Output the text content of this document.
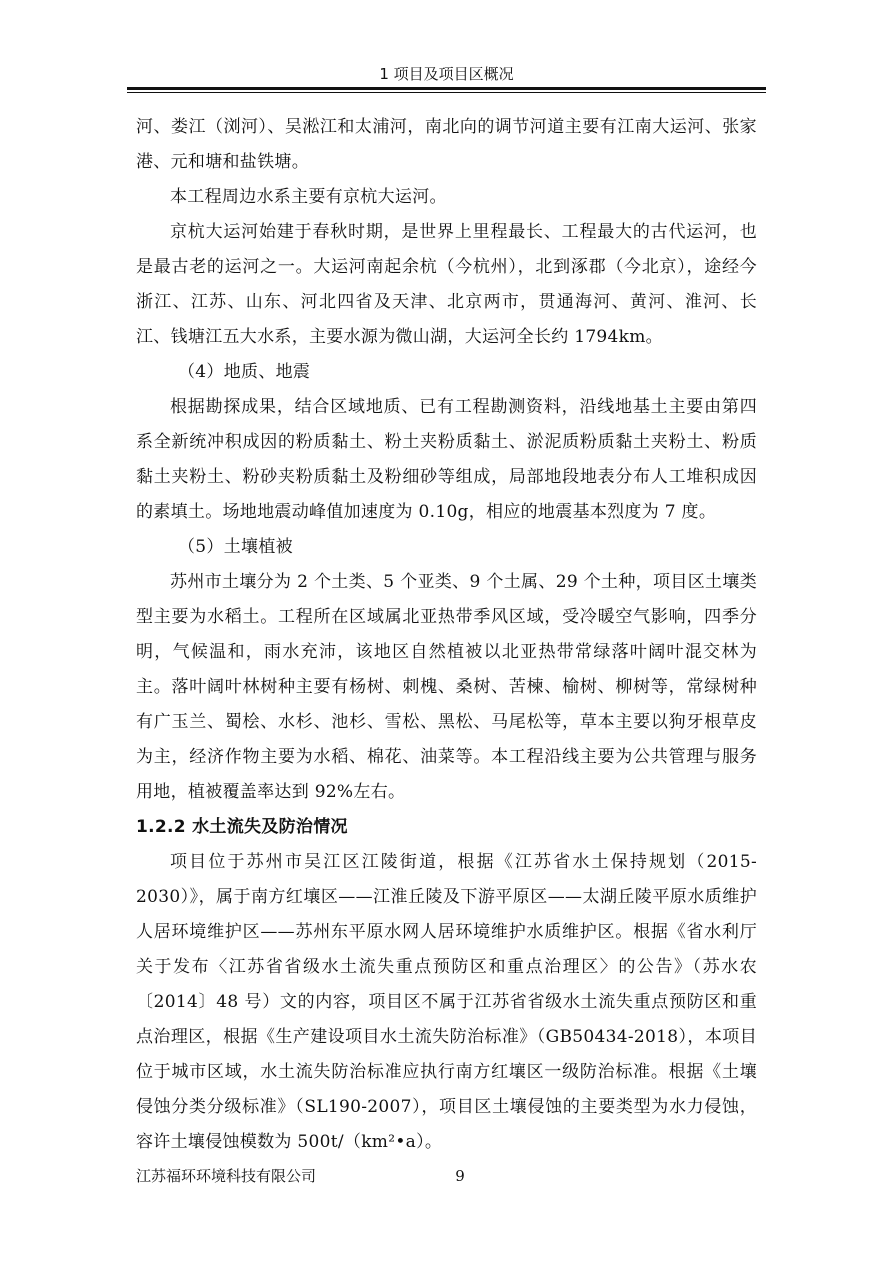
1 项目及项目区概况

河、娄江（浏河）、吴淞江和太浦河，南北向的调节河道主要有江南大运河、张家港、元和塘和盐铁塘。

本工程周边水系主要有京杭大运河。

京杭大运河始建于春秋时期，是世界上里程最长、工程最大的古代运河，也是最古老的运河之一。大运河南起余杭（今杭州），北到涿郡（今北京），途经今浙江、江苏、山东、河北四省及天津、北京两市，贯通海河、黄河、淮河、长江、钱塘江五大水系，主要水源为微山湖，大运河全长约 1794km。

（4）地质、地震

根据勘探成果，结合区域地质、已有工程勘测资料，沿线地基土主要由第四系全新统冲积成因的粉质黏土、粉土夹粉质黏土、淤泥质粉质黏土夹粉土、粉质黏土夹粉土、粉砂夹粉质黏土及粉细砂等组成，局部地段地表分布人工堆积成因的素填土。场地地震动峰值加速度为 0.10g，相应的地震基本烈度为 7 度。

（5）土壤植被

苏州市土壤分为 2 个土类、5 个亚类、9 个土属、29 个土种，项目区土壤类型主要为水稻土。工程所在区域属北亚热带季风区域，受冷暖空气影响，四季分明，气候温和，雨水充沛，该地区自然植被以北亚热带常绿落叶阔叶混交林为主。落叶阔叶林树种主要有杨树、刺槐、桑树、苦楝、榆树、柳树等，常绿树种有广玉兰、蜀桧、水杉、池杉、雪松、黑松、马尾松等，草本主要以狗牙根草皮为主，经济作物主要为水稻、棉花、油菜等。本工程沿线主要为公共管理与服务用地，植被覆盖率达到 92%左右。

1.2.2 水土流失及防治情况

项目位于苏州市吴江区江陵街道，根据《江苏省水土保持规划（2015-2030）》，属于南方红壤区——江淮丘陵及下游平原区——太湖丘陵平原水质维护人居环境维护区——苏州东平原水网人居环境维护水质维护区。根据《省水利厅关于发布〈江苏省省级水土流失重点预防区和重点治理区〉的公告》（苏水农〔2014〕48 号）文的内容，项目区不属于江苏省省级水土流失重点预防区和重点治理区，根据《生产建设项目水土流失防治标准》（GB50434-2018），本项目位于城市区域，水土流失防治标准应执行南方红壤区一级防治标准。根据《土壤侵蚀分类分级标准》（SL190-2007），项目区土壤侵蚀的主要类型为水力侵蚀，容许土壤侵蚀模数为 500t/（km²•a）。

江苏福环环境科技有限公司	9
